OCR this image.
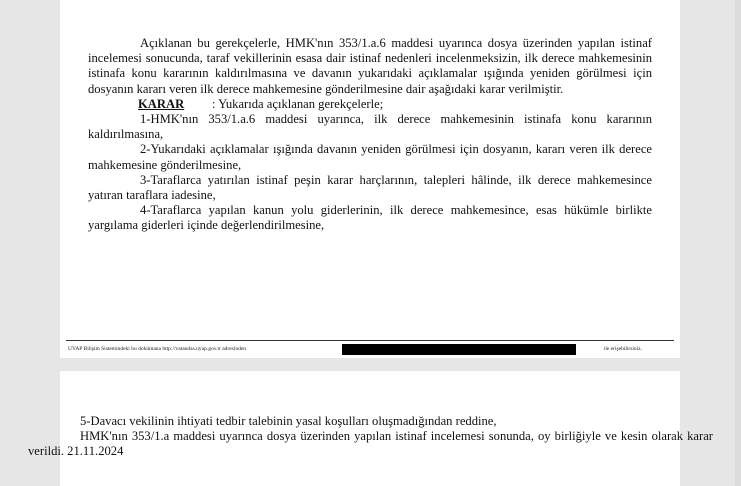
Açıklanan bu gerekçelerle, HMK'nın 353/1.a.6 maddesi uyarınca dosya üzerinden yapılan istinaf incelemesi sonucunda, taraf vekillerinin esasa dair istinaf nedenleri incelenmeksizin, ilk derece mahkemesinin istinafa konu kararının kaldırılmasına ve davanın yukarıdaki açıklamalar ışığında yeniden görülmesi için dosyanın kararı veren ilk derece mahkemesine gönderilmesine dair aşağıdaki karar verilmiştir.

KARAR : Yukarıda açıklanan gerekçelerle;

1-HMK'nın 353/1.a.6 maddesi uyarınca, ilk derece mahkemesinin istinafa konu kararının kaldırılmasına,

2-Yukarıdaki açıklamalar ışığında davanın yeniden görülmesi için dosyanın, kararı veren ilk derece mahkemesine gönderilmesine,

3-Taraflarca yatırılan istinaf peşin karar harçlarının, talepleri hâlinde, ilk derece mahkemesince yatıran taraflara iadesine,

4-Taraflarca yapılan kanun yolu giderlerinin, ilk derece mahkemesince, esas hükümle birlikte yargılama giderleri içinde değerlendirilmesine,

UYAP Bilişim Sistemindeki bu dokümana http://vatandas.uyap.gov.tr adresinden	ile erişebilirsiniz.

5-Davacı vekilinin ihtiyati tedbir talebinin yasal koşulları oluşmadığından reddine,

HMK'nın 353/1.a maddesi uyarınca dosya üzerinden yapılan istinaf incelemesi sonunda, oy birliğiyle ve kesin olarak karar verildi. 21.11.2024
